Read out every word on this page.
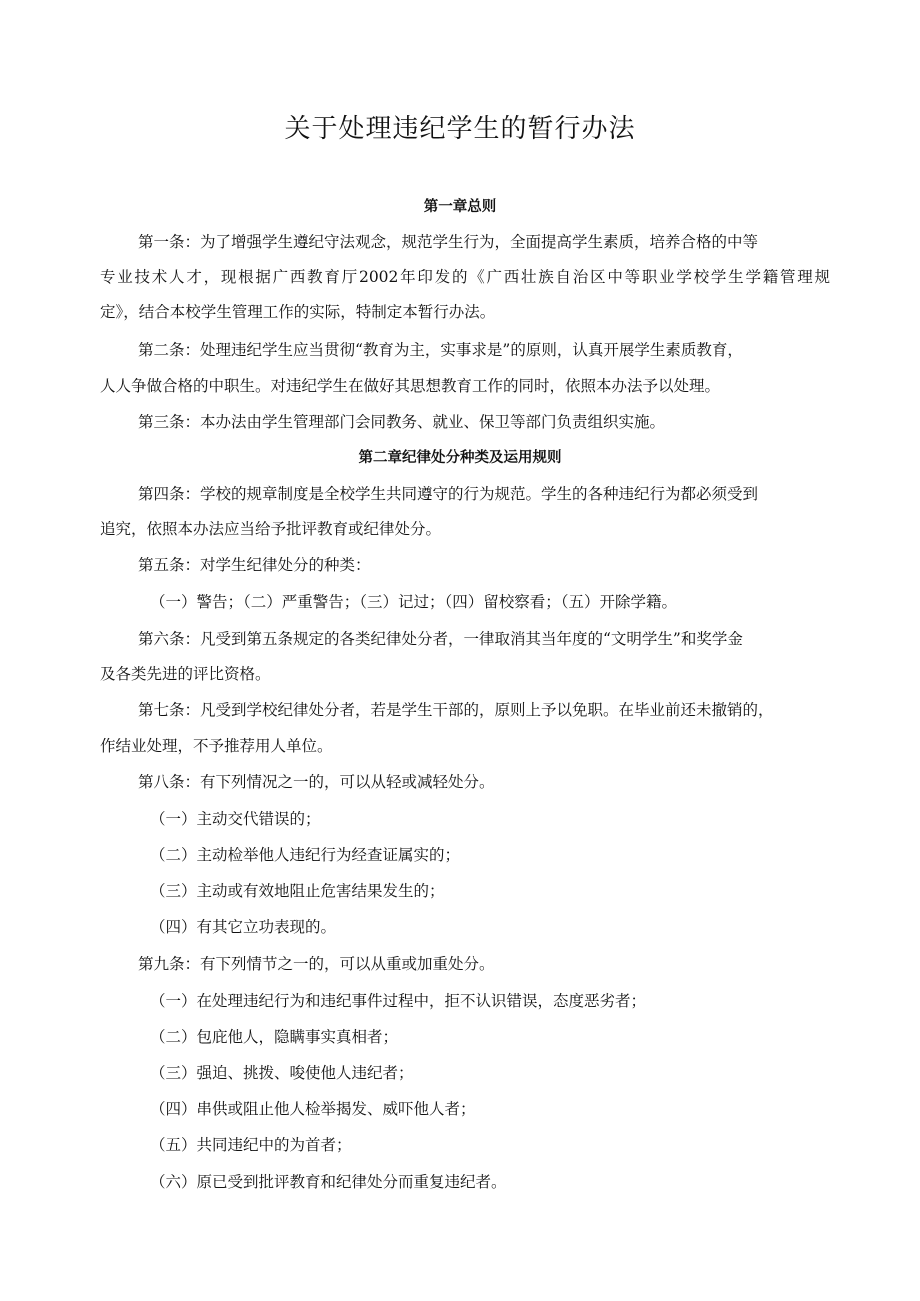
关于处理违纪学生的暂行办法
第一章总则

第一条：为了增强学生遵纪守法观念，规范学生行为，全面提高学生素质，培养合格的中等

专业技术人才，现根据广西教育厅2002年印发的《广西壮族自治区中等职业学校学生学籍管理规

定》，结合本校学生管理工作的实际，特制定本暂行办法。

第二条：处理违纪学生应当贯彻“教育为主，实事求是”的原则，认真开展学生素质教育，

人人争做合格的中职生。对违纪学生在做好其思想教育工作的同时，依照本办法予以处理。

第三条：本办法由学生管理部门会同教务、就业、保卫等部门负责组织实施。

第二章纪律处分种类及运用规则

第四条：学校的规章制度是全校学生共同遵守的行为规范。学生的各种违纪行为都必须受到

追究，依照本办法应当给予批评教育或纪律处分。

第五条：对学生纪律处分的种类：

（一）警告；（二）严重警告；（三）记过；（四）留校察看；（五）开除学籍。

第六条：凡受到第五条规定的各类纪律处分者，一律取消其当年度的“文明学生”和奖学金

及各类先进的评比资格。

第七条：凡受到学校纪律处分者，若是学生干部的，原则上予以免职。在毕业前还未撤销的，

作结业处理，不予推荐用人单位。

第八条：有下列情况之一的，可以从轻或减轻处分。

（一）主动交代错误的；

（二）主动检举他人违纪行为经查证属实的；

（三）主动或有效地阻止危害结果发生的；

（四）有其它立功表现的。

第九条：有下列情节之一的，可以从重或加重处分。

（一）在处理违纪行为和违纪事件过程中，拒不认识错误，态度恶劣者；

（二）包庇他人，隐瞒事实真相者；

（三）强迫、挑拨、唆使他人违纪者；

（四）串供或阻止他人检举揭发、威吓他人者；

（五）共同违纪中的为首者；

（六）原已受到批评教育和纪律处分而重复违纪者。
